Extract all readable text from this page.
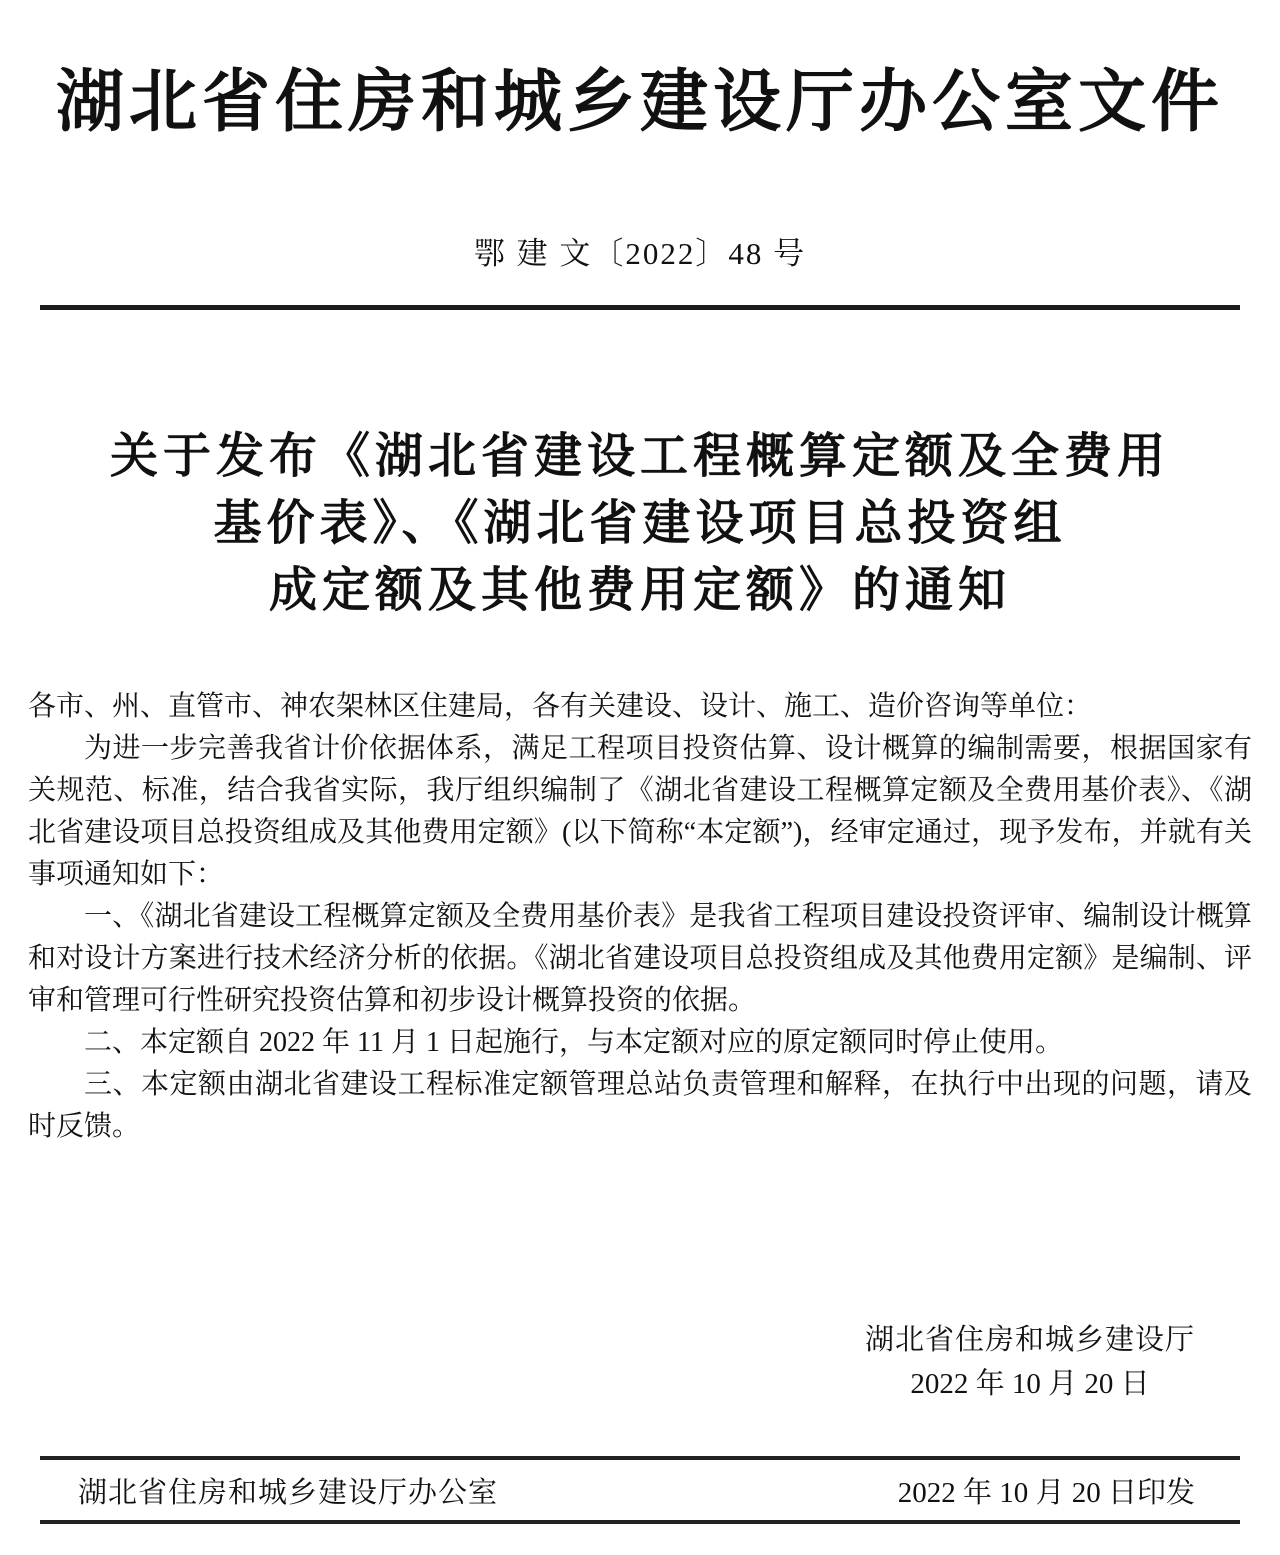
湖北省住房和城乡建设厅办公室文件
鄂 建 文〔2022〕48 号
关于发布《湖北省建设工程概算定额及全费用
基价表》、《湖北省建设项目总投资组
成定额及其他费用定额》的通知

各市、州、直管市、神农架林区住建局，各有关建设、设计、施工、造价咨询等单位：

为进一步完善我省计价依据体系，满足工程项目投资估算、设计概算的编制需要，根据国家有关规范、标准，结合我省实际，我厅组织编制了《湖北省建设工程概算定额及全费用基价表》、《湖北省建设项目总投资组成及其他费用定额》(以下简称“本定额”)，经审定通过，现予发布，并就有关事项通知如下：

一、《湖北省建设工程概算定额及全费用基价表》是我省工程项目建设投资评审、编制设计概算和对设计方案进行技术经济分析的依据。《湖北省建设项目总投资组成及其他费用定额》是编制、评审和管理可行性研究投资估算和初步设计概算投资的依据。

二、本定额自 2022 年 11 月 1 日起施行，与本定额对应的原定额同时停止使用。

三、本定额由湖北省建设工程标准定额管理总站负责管理和解释，在执行中出现的问题，请及时反馈。

湖北省住房和城乡建设厅
2022 年 10 月 20 日
湖北省住房和城乡建设厅办公室	2022 年 10 月 20 日印发
